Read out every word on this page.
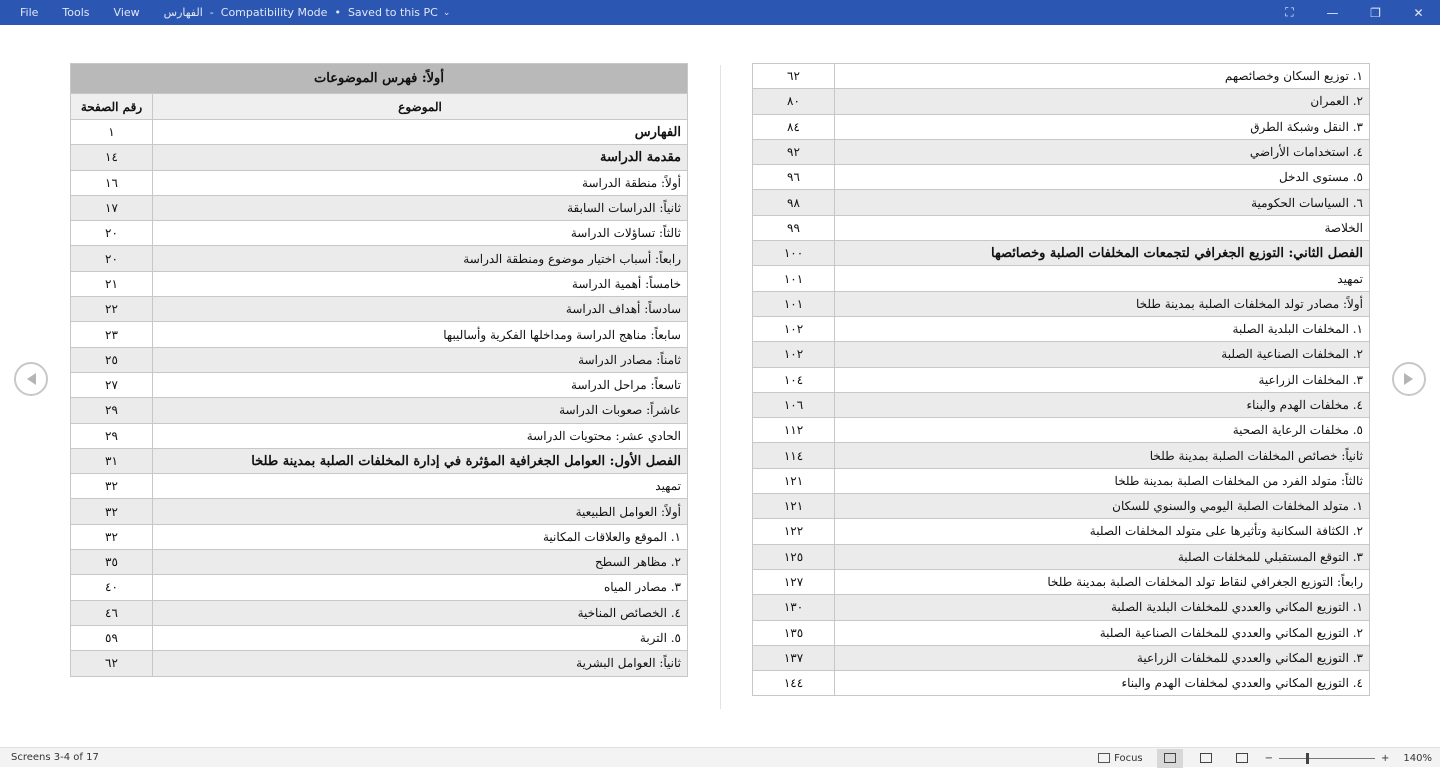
File Tools View الفهارس - Compatibility Mode • Saved to this PC ⌄	⛶	—	❐	✕
أولاً: فهرس الموضوعات	
الموضوع	رقم الصفحة
الفهارس	١
مقدمة الدراسة	١٤
أولاً: منطقة الدراسة	١٦
ثانياً: الدراسات السابقة	١٧
ثالثاً: تساؤلات الدراسة	٢٠
رابعاً: أسباب اختيار موضوع ومنطقة الدراسة	٢٠
خامساً: أهمية الدراسة	٢١
سادساً: أهداف الدراسة	٢٢
سابعاً: مناهج الدراسة ومداخلها الفكرية وأساليبها	٢٣
ثامناً: مصادر الدراسة	٢٥
تاسعاً: مراحل الدراسة	٢٧
عاشراً: صعوبات الدراسة	٢٩
الحادي عشر: محتويات الدراسة	٢٩
الفصل الأول: العوامل الجغرافية المؤثرة في إدارة المخلفات الصلبة بمدينة طلخا	٣١
تمهيد	٣٢
أولاً: العوامل الطبيعية	٣٢
١. الموقع والعلاقات المكانية	٣٢
٢. مظاهر السطح	٣٥
٣. مصادر المياه	٤٠
٤. الخصائص المناخية	٤٦
٥. التربة	٥٩
ثانياً: العوامل البشرية	٦٢
١. توزيع السكان وخصائصهم	٦٢
٢. العمران	٨٠
٣. النقل وشبكة الطرق	٨٤
٤. استخدامات الأراضي	٩٢
٥. مستوى الدخل	٩٦
٦. السياسات الحكومية	٩٨
الخلاصة	٩٩
الفصل الثاني: التوزيع الجغرافي لتجمعات المخلفات الصلبة وخصائصها	١٠٠
تمهيد	١٠١
أولاً: مصادر تولد المخلفات الصلبة بمدينة طلخا	١٠١
١. المخلفات البلدية الصلبة	١٠٢
٢. المخلفات الصناعية الصلبة	١٠٢
٣. المخلفات الزراعية	١٠٤
٤. مخلفات الهدم والبناء	١٠٦
٥. مخلفات الرعاية الصحية	١١٢
ثانياً: خصائص المخلفات الصلبة بمدينة طلخا	١١٤
ثالثاً: متولد الفرد من المخلفات الصلبة بمدينة طلخا	١٢١
١. متولد المخلفات الصلبة اليومي والسنوي للسكان	١٢١
٢. الكثافة السكانية وتأثيرها على متولد المخلفات الصلبة	١٢٢
٣. التوقع المستقبلي للمخلفات الصلبة	١٢٥
رابعاً: التوزيع الجغرافي لنقاط تولد المخلفات الصلبة بمدينة طلخا	١٢٧
١. التوزيع المكاني والعددي للمخلفات البلدية الصلبة	١٣٠
٢. التوزيع المكاني والعددي للمخلفات الصناعية الصلبة	١٣٥
٣. التوزيع المكاني والعددي للمخلفات الزراعية	١٣٧
٤. التوزيع المكاني والعددي لمخلفات الهدم والبناء	١٤٤
Screens 3-4 of 17	Focus	−	+ 140%
